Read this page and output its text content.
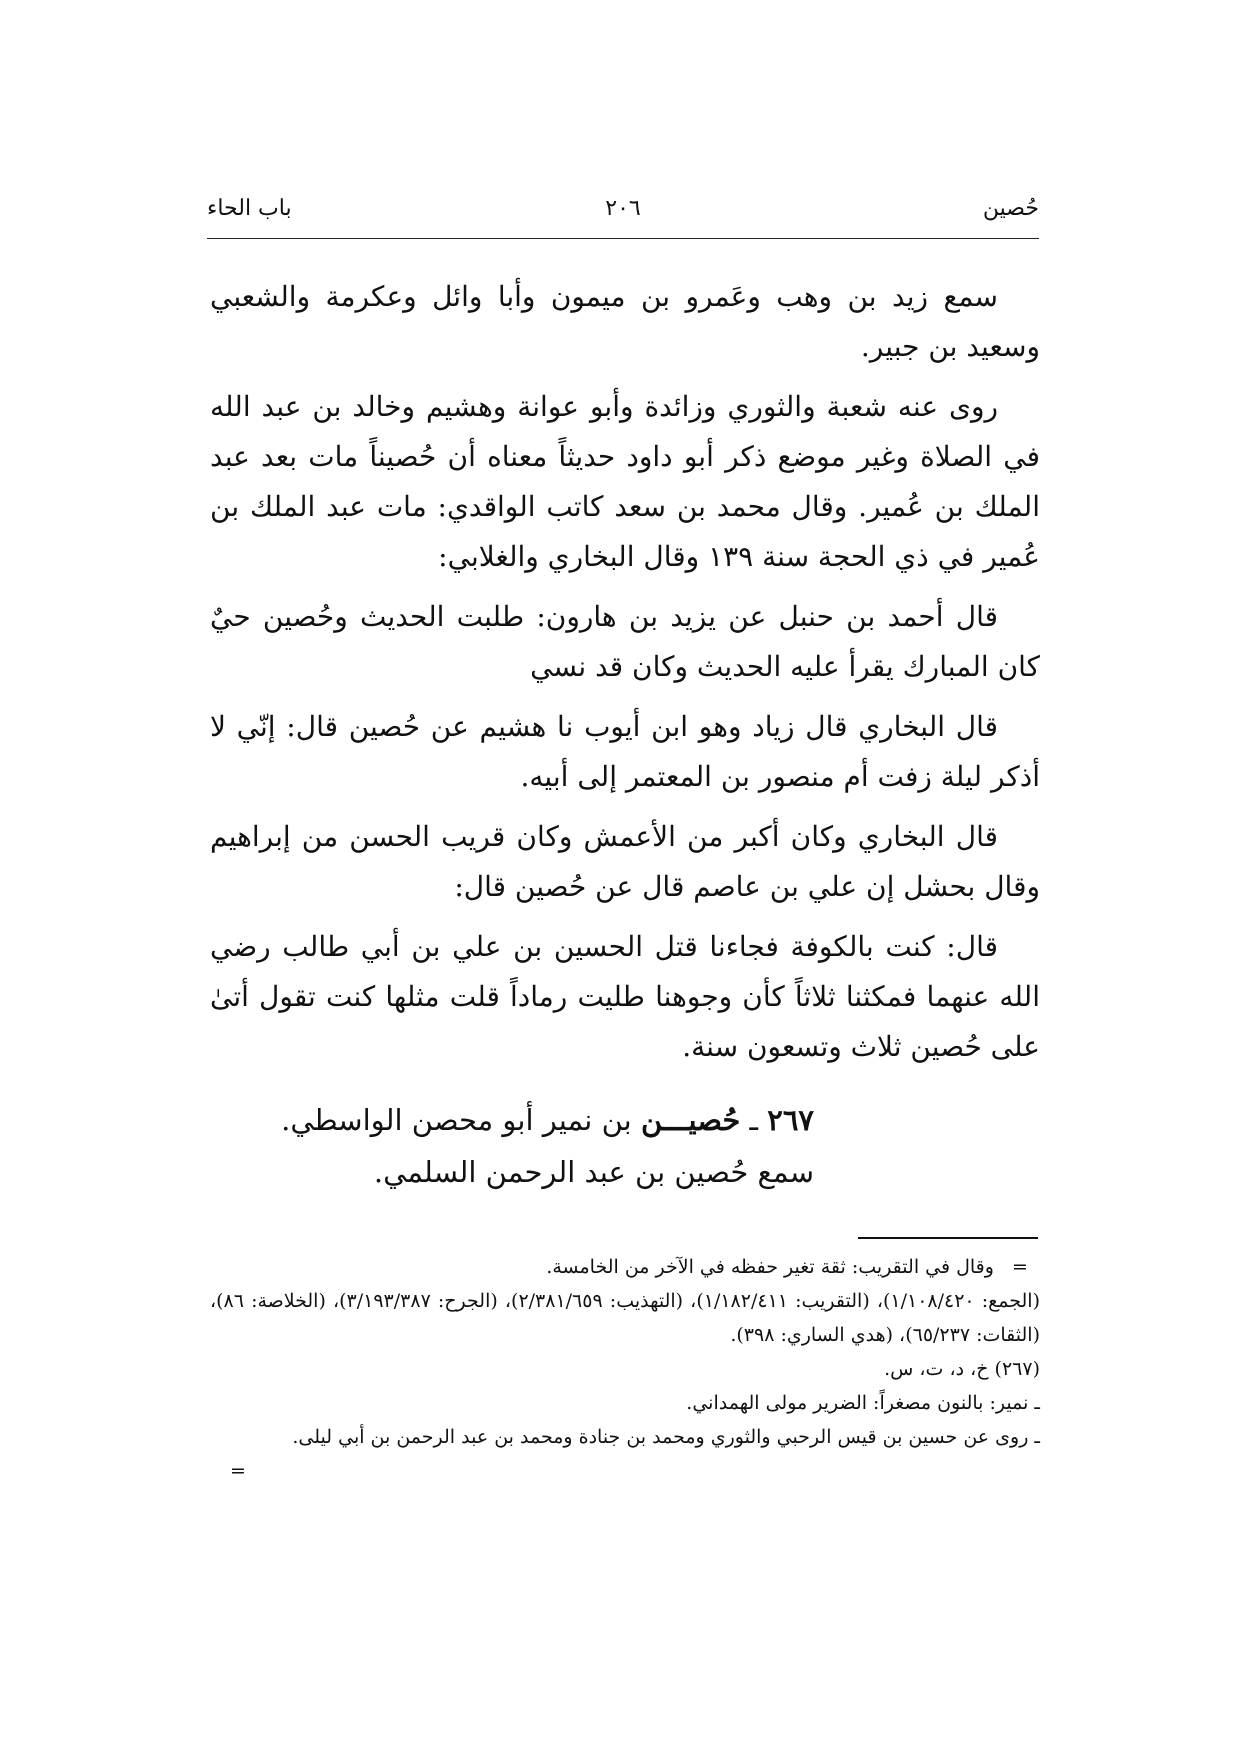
باب الحاء	٢٠٦	حُصين

سمع زيد بن وهب وعَمرو بن ميمون وأبا وائل وعكرمة والشعبي وسعيد بن جبير.

روى عنه شعبة والثوري وزائدة وأبو عوانة وهشيم وخالد بن عبد الله في الصلاة وغير موضع ذكر أبو داود حديثاً معناه أن حُصيناً مات بعد عبد الملك بن عُمير. وقال محمد بن سعد كاتب الواقدي: مات عبد الملك بن عُمير في ذي الحجة سنة ١٣٩ وقال البخاري والغلابي:

قال أحمد بن حنبل عن يزيد بن هارون: طلبت الحديث وحُصين حيٌ كان المبارك يقرأ عليه الحديث وكان قد نسي

قال البخاري قال زياد وهو ابن أيوب نا هشيم عن حُصين قال: إنّي لا أذكر ليلة زفت أم منصور بن المعتمر إلى أبيه.

قال البخاري وكان أكبر من الأعمش وكان قريب الحسن من إبراهيم وقال بحشل إن علي بن عاصم قال عن حُصين قال:

قال: كنت بالكوفة فجاءنا قتل الحسين بن علي بن أبي طالب رضي الله عنهما فمكثنا ثلاثاً كأن وجوهنا طليت رماداً قلت مثلها كنت تقول أتىٰ على حُصين ثلاث وتسعون سنة.

٢٦٧ ـ حُصيـــن بن نمير أبو محصن الواسطي.
سمع حُصين بن عبد الرحمن السلمي.
= وقال في التقريب: ثقة تغير حفظه في الآخر من الخامسة.
(الجمع: ١/١٠٨/٤٢٠)، (التقريب: ١/١٨٢/٤١١)، (التهذيب: ٢/٣٨١/٦٥٩)، (الجرح: ٣/١٩٣/٣٨٧)، (الخلاصة: ٨٦)، (الثقات: ٦٥/٢٣٧)، (هدي الساري: ٣٩٨).
(٢٦٧) خ، د، ت، س.
ـ نمير: بالنون مصغراً: الضرير مولى الهمداني.
ـ روى عن حسين بن قيس الرحبي والثوري ومحمد بن جنادة ومحمد بن عبد الرحمن بن أبي ليلى.
=
